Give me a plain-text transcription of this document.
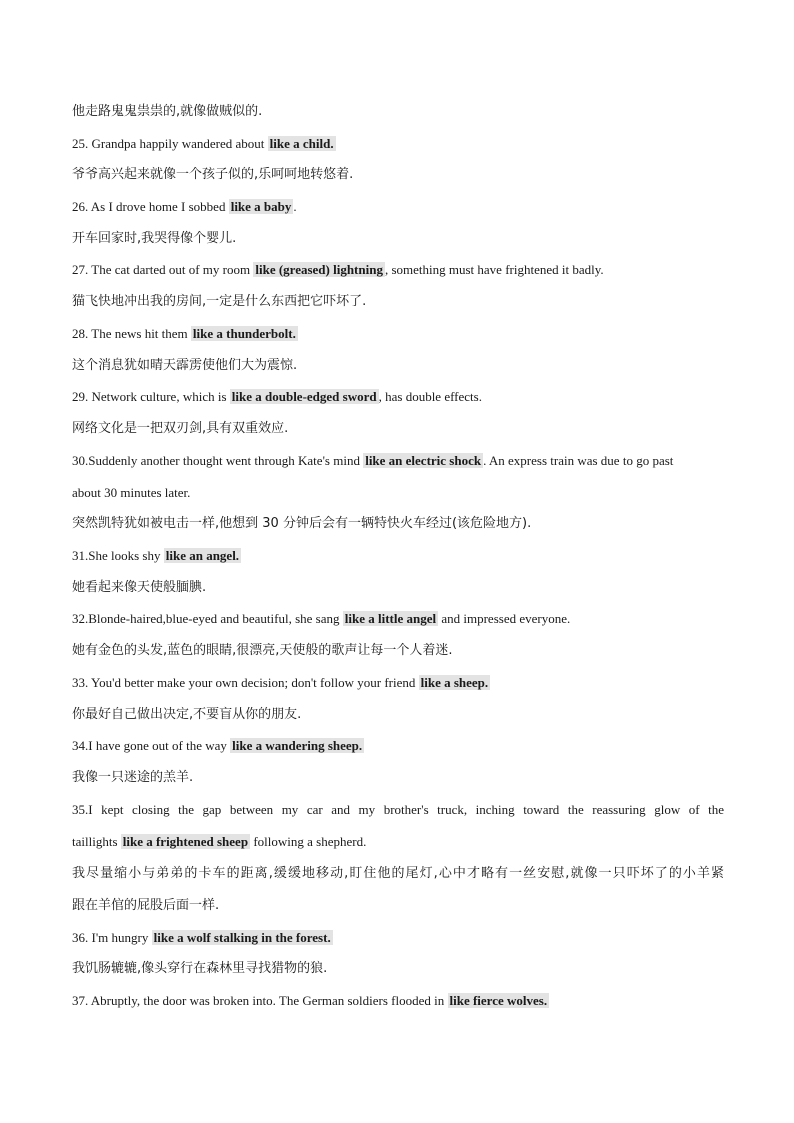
他走路鬼鬼祟祟的,就像做贼似的.
25. Grandpa happily wandered about like a child.
爷爷高兴起来就像一个孩子似的,乐呵呵地转悠着.
26. As I drove home I sobbed like a baby .
开车回家时,我哭得像个婴儿.
27. The cat darted out of my room like (greased) lightning , something must have frightened it badly.
猫飞快地冲出我的房间,一定是什么东西把它吓坏了.
28. The news hit them like a thunderbolt.
这个消息犹如晴天霹雳使他们大为震惊.
29. Network culture, which is like a double-edged sword , has double effects.
网络文化是一把双刃剑,具有双重效应.
30.Suddenly another thought went through Kate's mind like an electric shock . An express train was due to go past
about 30 minutes later.
突然凯特犹如被电击一样,他想到 30 分钟后会有一辆特快火车经过(该危险地方).
31.She looks shy like an angel.
她看起来像天使般腼腆.
32.Blonde-haired,blue-eyed and beautiful, she sang like a little angel and impressed everyone.
她有金色的头发,蓝色的眼睛,很漂亮,天使般的歌声让每一个人着迷.
33. You'd better make your own decision; don't follow your friend like a sheep.
你最好自己做出决定,不要盲从你的朋友.
34.I have gone out of the way like a wandering sheep.
我像一只迷途的羔羊.
35.I kept closing the gap between my car and my brother's truck, inching toward the reassuring glow of the
taillights like a frightened sheep following a shepherd.
我尽量缩小与弟弟的卡车的距离,缓缓地移动,盯住他的尾灯,心中才略有一丝安慰,就像一只吓坏了的小羊紧
跟在羊倌的屁股后面一样.
36. I'm hungry like a wolf stalking in the forest.
我饥肠辘辘,像头穿行在森林里寻找猎物的狼.
37. Abruptly, the door was broken into. The German soldiers flooded in like fierce wolves.
